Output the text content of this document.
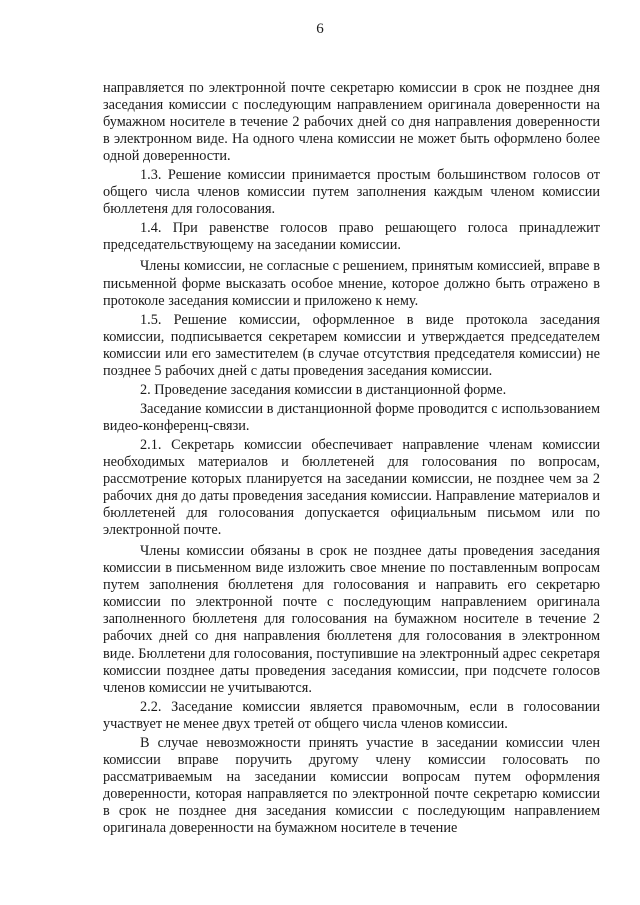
6

направляется по электронной почте секретарю комиссии в срок не позднее дня заседания комиссии с последующим направлением оригинала доверенности на бумажном носителе в течение 2 рабочих дней со дня направления доверенности в электронном виде. На одного члена комиссии не может быть оформлено более одной доверенности.

1.3. Решение комиссии принимается простым большинством голосов от общего числа членов комиссии путем заполнения каждым членом комиссии бюллетеня для голосования.

1.4. При равенстве голосов право решающего голоса принадлежит председательствующему на заседании комиссии.

Члены комиссии, не согласные с решением, принятым комиссией, вправе в письменной форме высказать особое мнение, которое должно быть отражено в протоколе заседания комиссии и приложено к нему.

1.5. Решение комиссии, оформленное в виде протокола заседания комиссии, подписывается секретарем комиссии и утверждается председателем комиссии или его заместителем (в случае отсутствия председателя комиссии) не позднее 5 рабочих дней с даты проведения заседания комиссии.

2. Проведение заседания комиссии в дистанционной форме.

Заседание комиссии в дистанционной форме проводится с использованием видео-конференц-связи.

2.1. Секретарь комиссии обеспечивает направление членам комиссии необходимых материалов и бюллетеней для голосования по вопросам, рассмотрение которых планируется на заседании комиссии, не позднее чем за 2 рабочих дня до даты проведения заседания комиссии. Направление материалов и бюллетеней для голосования допускается официальным письмом или по электронной почте.

Члены комиссии обязаны в срок не позднее даты проведения заседания комиссии в письменном виде изложить свое мнение по поставленным вопросам путем заполнения бюллетеня для голосования и направить его секретарю комиссии по электронной почте с последующим направлением оригинала заполненного бюллетеня для голосования на бумажном носителе в течение 2 рабочих дней со дня направления бюллетеня для голосования в электронном виде. Бюллетени для голосования, поступившие на электронный адрес секретаря комиссии позднее даты проведения заседания комиссии, при подсчете голосов членов комиссии не учитываются.

2.2. Заседание комиссии является правомочным, если в голосовании участвует не менее двух третей от общего числа членов комиссии.

В случае невозможности принять участие в заседании комиссии член комиссии вправе поручить другому члену комиссии голосовать по рассматриваемым на заседании комиссии вопросам путем оформления доверенности, которая направляется по электронной почте секретарю комиссии в срок не позднее дня заседания комиссии с последующим направлением оригинала доверенности на бумажном носителе в течение
